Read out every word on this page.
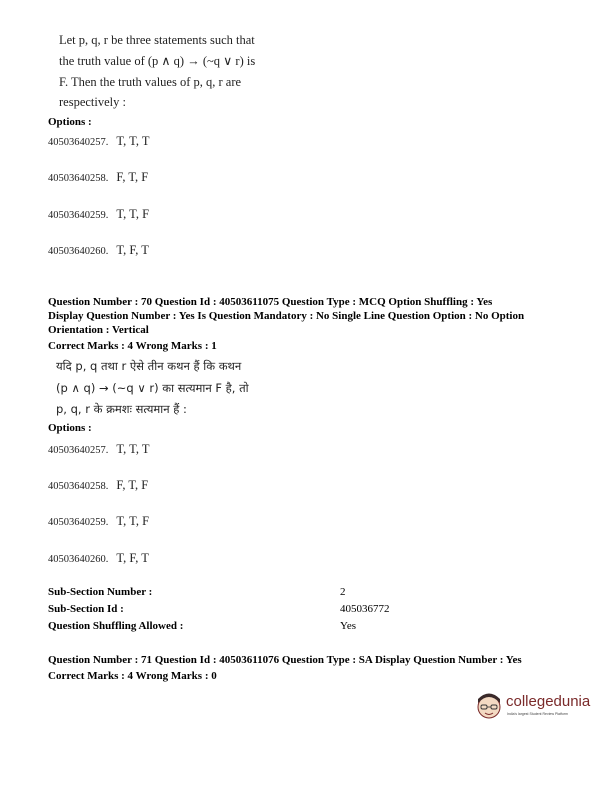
Let p, q, r be three statements such that
the truth value of (p ∧ q) → (~q ∨ r) is
F. Then the truth values of p, q, r are
respectively :
Options :
40503640257. T, T, T
40503640258. F, T, F
40503640259. T, T, F
40503640260. T, F, T
Question Number : 70 Question Id : 40503611075 Question Type : MCQ Option Shuffling : Yes
Display Question Number : Yes Is Question Mandatory : No Single Line Question Option : No Option
Orientation : Vertical
Correct Marks : 4 Wrong Marks : 1
यदि p, q तथा r ऐसे तीन कथन हैं कि कथन
(p ∧ q) → (~q ∨ r) का सत्यमान F है, तो
p, q, r के क्रमशः सत्यमान हैं :
Options :
40503640257. T, T, T
40503640258. F, T, F
40503640259. T, T, F
40503640260. T, F, T
Sub-Section Number :	2
Sub-Section Id :	405036772
Question Shuffling Allowed :	Yes
Question Number : 71 Question Id : 40503611076 Question Type : SA Display Question Number : Yes
Correct Marks : 4 Wrong Marks : 0
collegedunia
India's largest Student Review Platform
